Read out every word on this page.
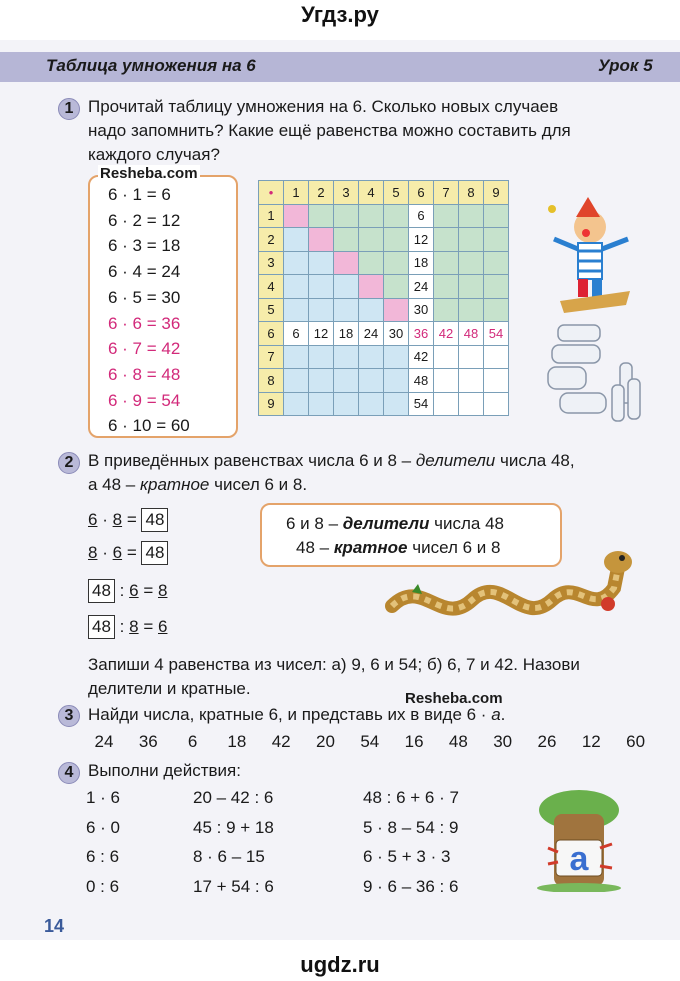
Угдз.ру
Таблица умножения на 6	Урок 5
1 Прочитай таблицу умножения на 6. Сколько новых случаев
надо запомнить? Какие ещё равенства можно составить для
каждого случая?
Resheba.com
6 · 1 = 6
6 · 2 = 12
6 · 3 = 18
6 · 4 = 24
6 · 5 = 30
6 · 6 = 36
6 · 7 = 42
6 · 8 = 48
6 · 9 = 54
6 · 10 = 60
•	1	2	3	4	5	6	7	8	9
1						6			
2						12			
3						18			
4						24			
5						30			
6	6	12	18	24	30	36	42	48	54
7						42			
8						48			
9						54			
2 В приведённых равенствах числа 6 и 8 – делители числа 48,
а 48 – кратное чисел 6 и 8.
6 · 8 = 48
8 · 6 = 48
48 : 6 = 8
48 : 8 = 6
6 и 8 – делители числа 48
48 – кратное чисел 6 и 8
Запиши 4 равенства из чисел: а) 9, 6 и 54; б) 6, 7 и 42. Назови
делители и кратные.
Resheba.com
3 Найди числа, кратные 6, и представь их в виде 6 · a.
24	36	6	18	42	20	54	16	48	30	26	12	60
4 Выполни действия:
1 · 6
6 · 0
6 : 6
0 : 6
20 – 42 : 6
45 : 9 + 18
8 · 6 – 15
17 + 54 : 6
48 : 6 + 6 · 7
5 · 8 – 54 : 9
6 · 5 + 3 · 3
9 · 6 – 36 : 6
a
14
ugdz.ru
